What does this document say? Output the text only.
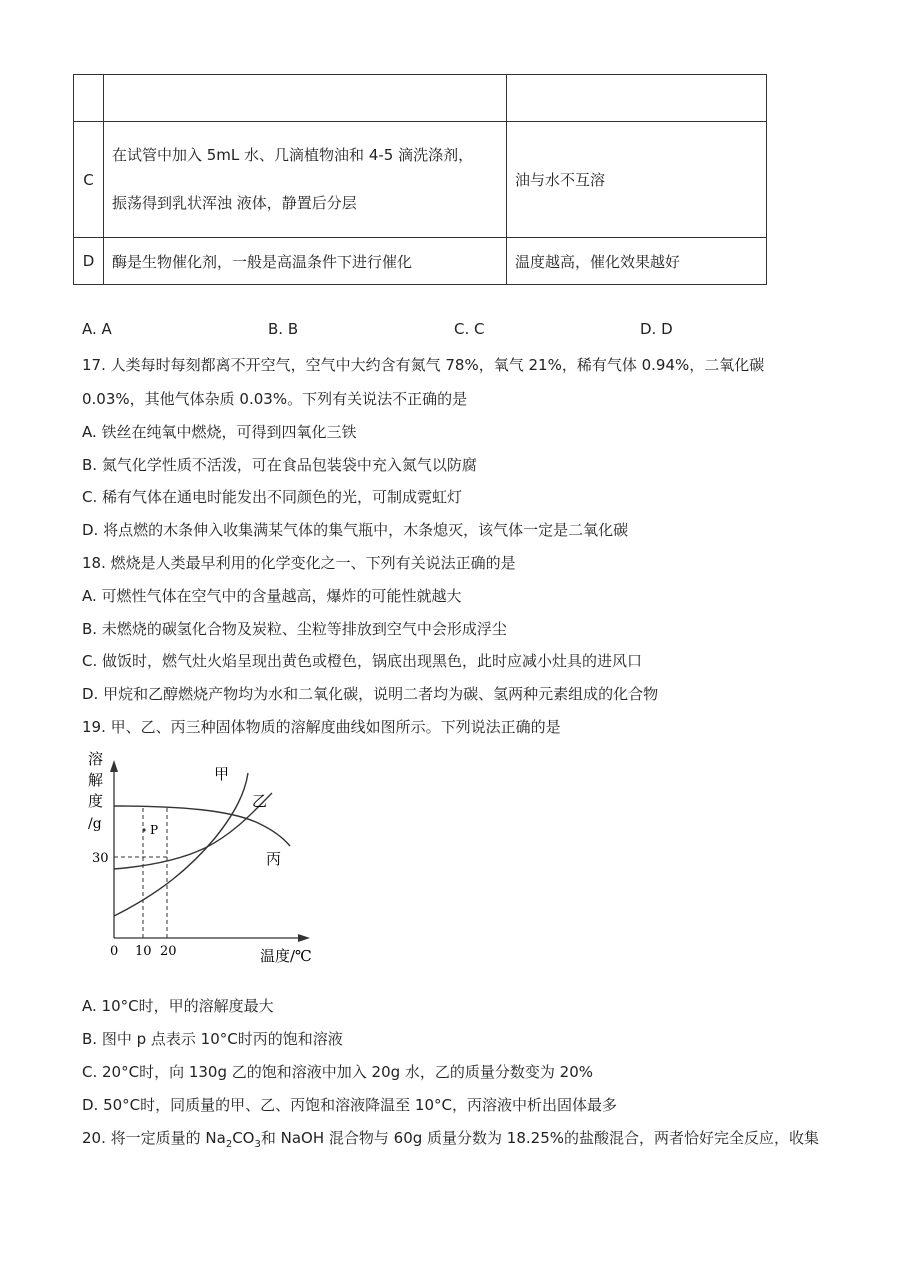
C	在试管中加入 5mL 水、几滴植物油和 4-5 滴洗涤剂，
振荡得到乳状浑浊 液体，静置后分层	油与水不互溶
D	酶是生物催化剂，一般是高温条件下进行催化	温度越高，催化效果越好
A. A	B. B	C. C	D. D
17. 人类每时每刻都离不开空气，空气中大约含有氮气 78%，氧气 21%，稀有气体 0.94%，二氧化碳
0.03%，其他气体杂质 0.03%。下列有关说法不正确的是
A. 铁丝在纯氧中燃烧，可得到四氧化三铁
B. 氮气化学性质不活泼，可在食品包装袋中充入氮气以防腐
C. 稀有气体在通电时能发出不同颜色的光，可制成霓虹灯
D. 将点燃的木条伸入收集满某气体的集气瓶中，木条熄灭，该气体一定是二氧化碳
18. 燃烧是人类最早利用的化学变化之一、下列有关说法正确的是
A. 可燃性气体在空气中的含量越高，爆炸的可能性就越大
B. 未燃烧的碳氢化合物及炭粒、尘粒等排放到空气中会形成浮尘
C. 做饭时，燃气灶火焰呈现出黄色或橙色，锅底出现黑色，此时应减小灶具的进风口
D. 甲烷和乙醇燃烧产物均为水和二氧化碳，说明二者均为碳、氢两种元素组成的化合物
19. 甲、乙、丙三种固体物质的溶解度曲线如图所示。下列说法正确的是
溶
解
度
/g	P
甲
乙
丙
30
0 10 20	温度/℃
A. 10°C时，甲的溶解度最大
B. 图中 p 点表示 10°C时丙的饱和溶液
C. 20°C时，向 130g 乙的饱和溶液中加入 20g 水，乙的质量分数变为 20%
D. 50°C时，同质量的甲、乙、丙饱和溶液降温至 10°C，丙溶液中析出固体最多
20. 将一定质量的 $Na_2CO_3$和 NaOH 混合物与 60g 质量分数为 18.25%的盐酸混合，两者恰好完全反应，收集
